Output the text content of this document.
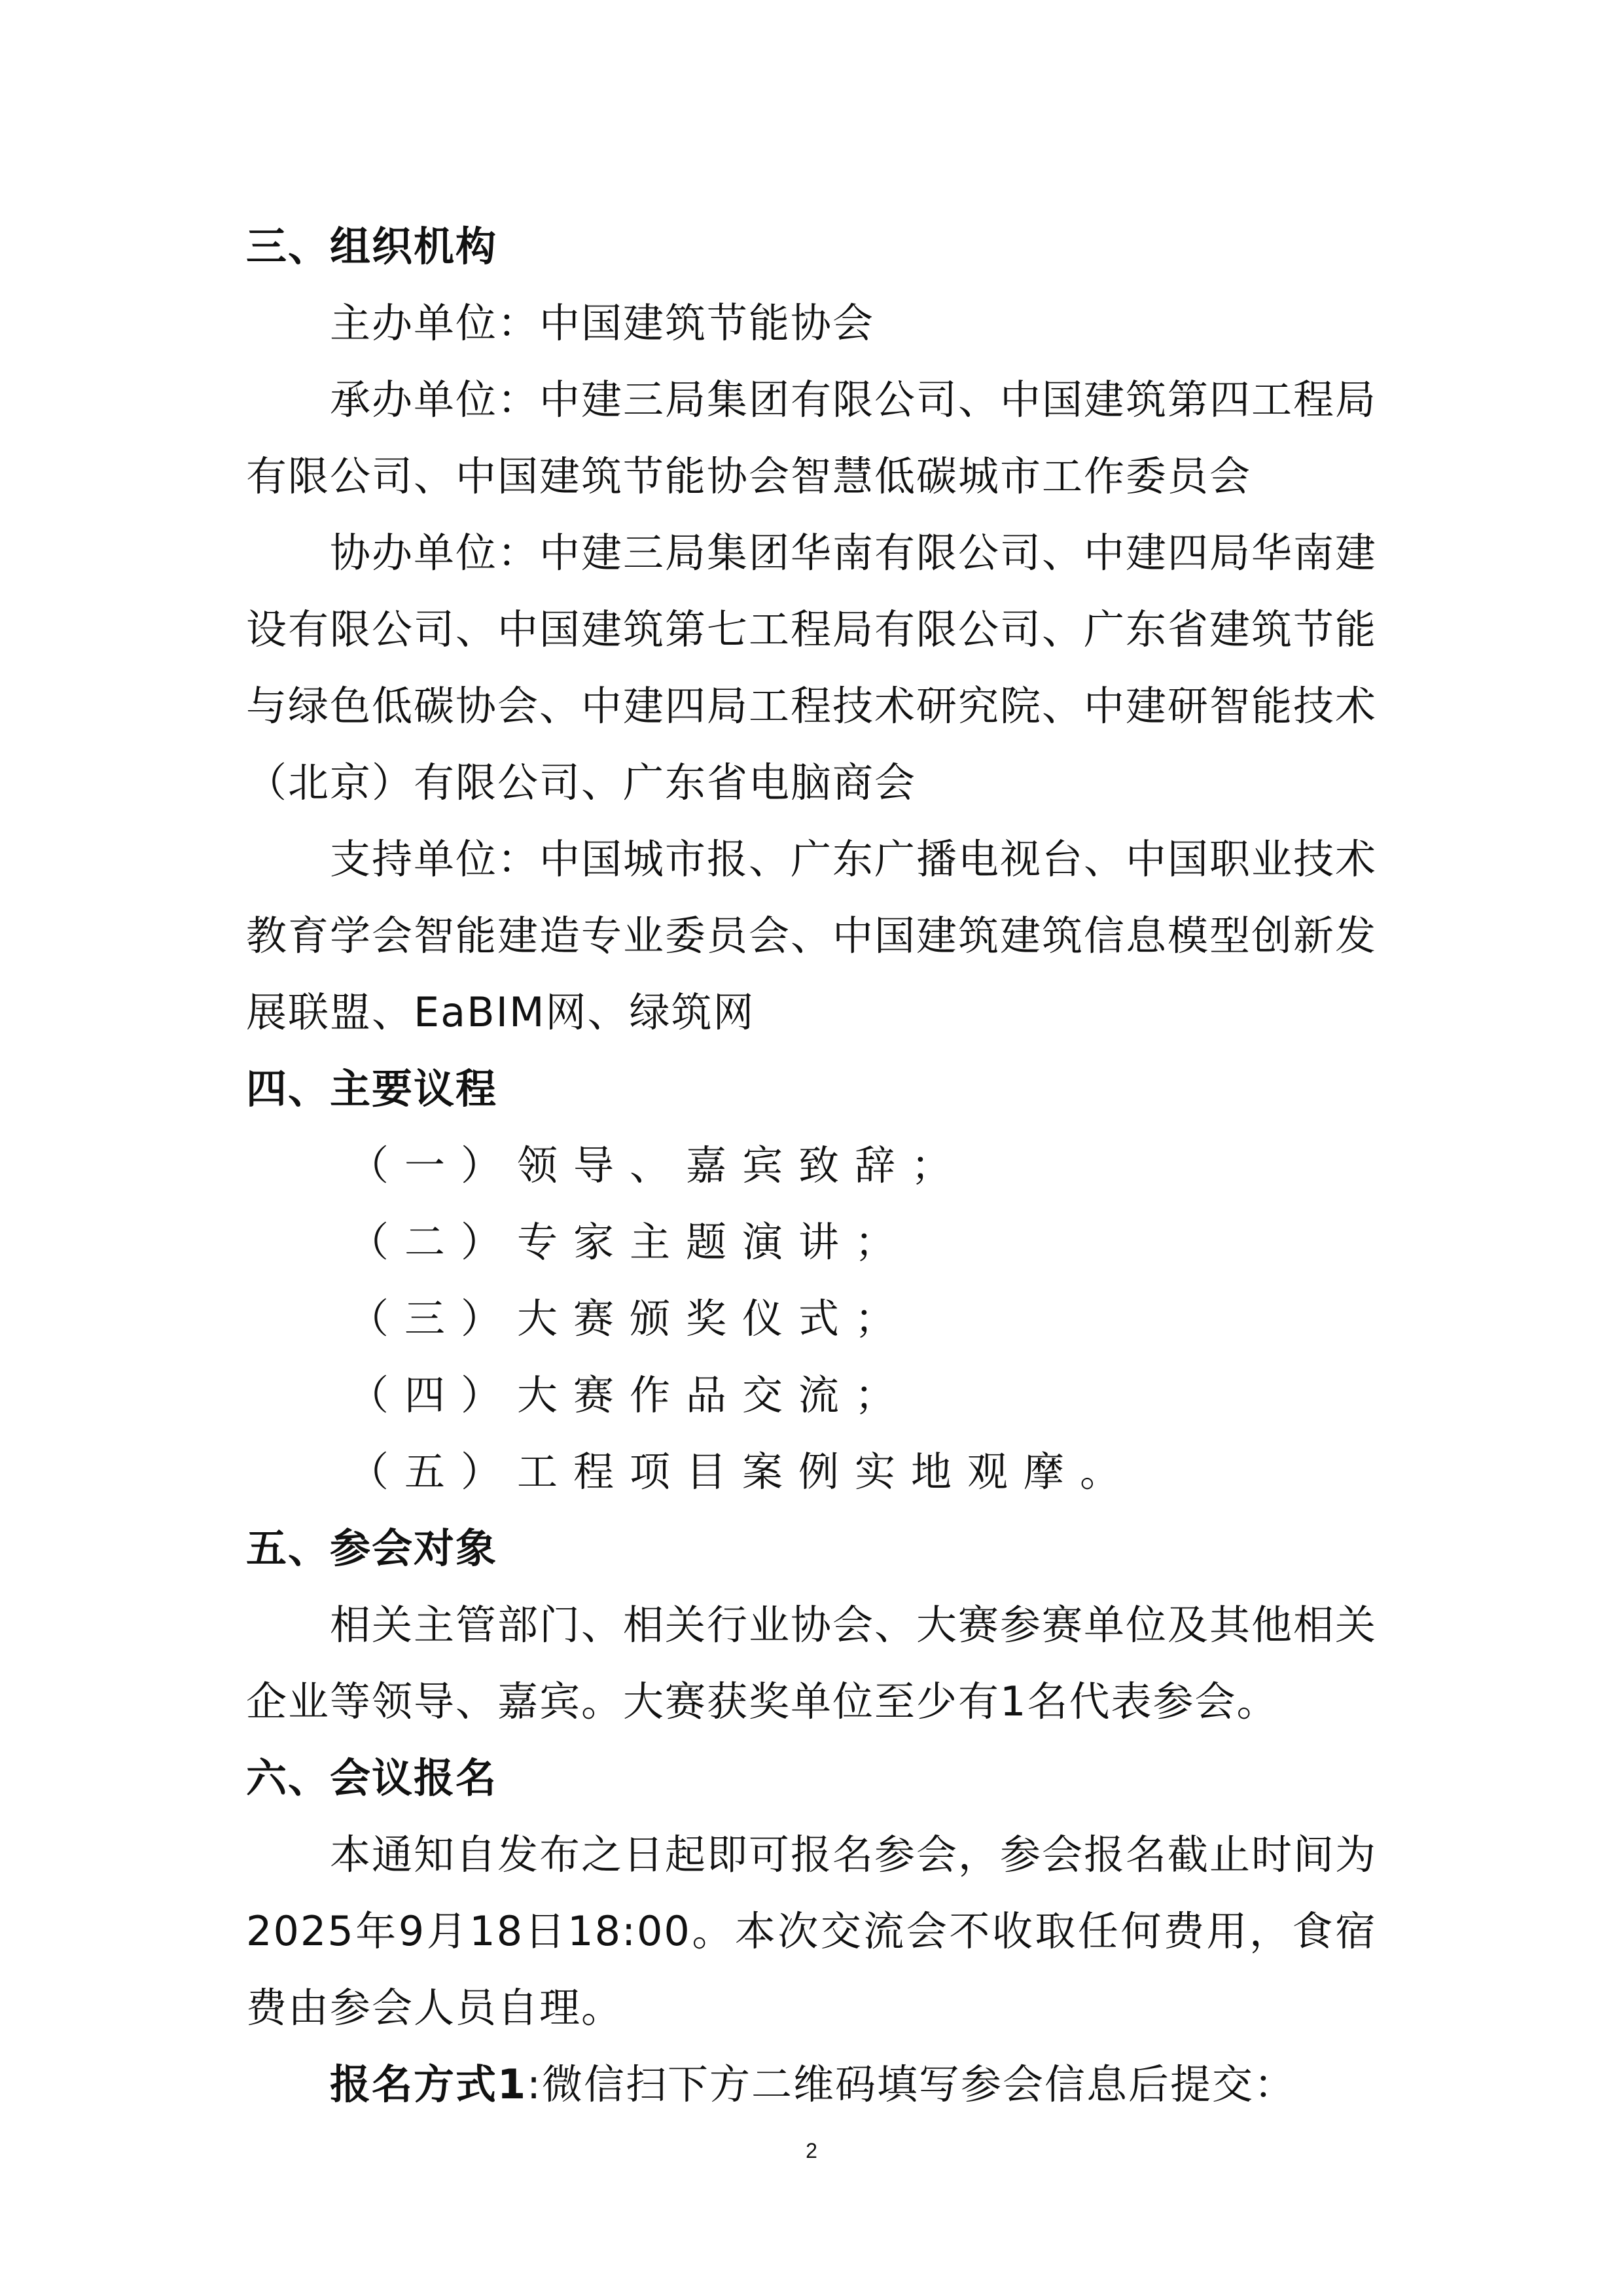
三、组织机构

主办单位：中国建筑节能协会

承办单位：中建三局集团有限公司、中国建筑第四工程局有限公司、中国建筑节能协会智慧低碳城市工作委员会

协办单位：中建三局集团华南有限公司、中建四局华南建设有限公司、中国建筑第七工程局有限公司、广东省建筑节能与绿色低碳协会、中建四局工程技术研究院、中建研智能技术（北京）有限公司、广东省电脑商会

支持单位：中国城市报、广东广播电视台、中国职业技术教育学会智能建造专业委员会、中国建筑建筑信息模型创新发展联盟、EaBIM网、绿筑网

四、主要议程

（一）领导、嘉宾致辞；
（二）专家主题演讲；
（三）大赛颁奖仪式；
（四）大赛作品交流；
（五）工程项目案例实地观摩。

五、参会对象

相关主管部门、相关行业协会、大赛参赛单位及其他相关企业等领导、嘉宾。大赛获奖单位至少有1名代表参会。

六、会议报名

本通知自发布之日起即可报名参会，参会报名截止时间为2025年9月18日18:00。本次交流会不收取任何费用，食宿费由参会人员自理。

报名方式1:微信扫下方二维码填写参会信息后提交：

2
